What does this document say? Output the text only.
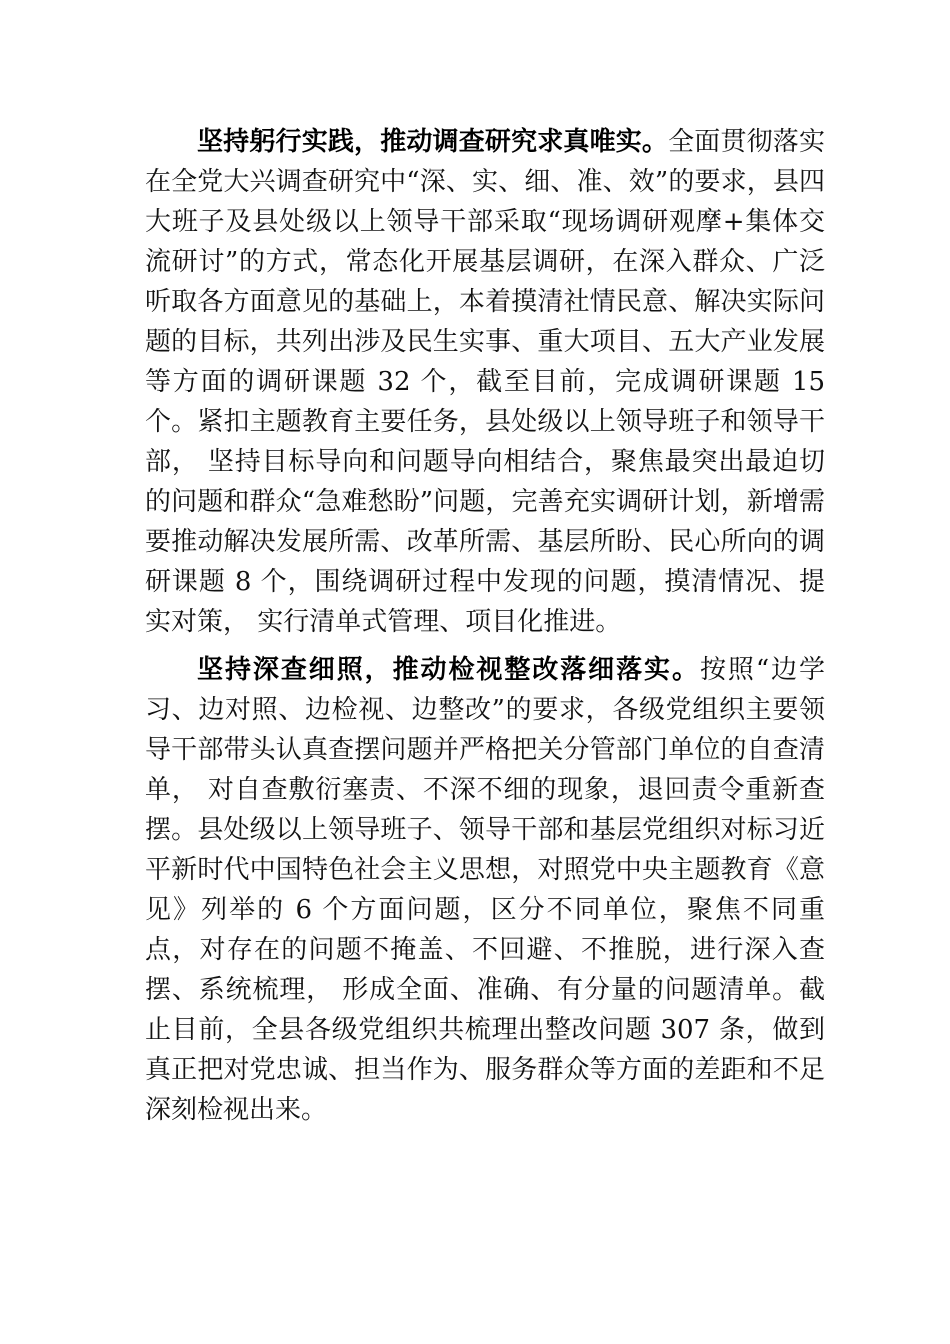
坚持躬行实践，推动调查研究求真唯实。全面贯彻落实在全党大兴调查研究中“深、实、细、准、效”的要求，县四大班子及县处级以上领导干部采取“现场调研观摩+集体交流研讨”的方式，常态化开展基层调研，在深入群众、广泛听取各方面意见的基础上，本着摸清社情民意、解决实际问题的目标，共列出涉及民生实事、重大项目、五大产业发展等方面的调研课题 32 个，截至目前，完成调研课题 15 个。紧扣主题教育主要任务，县处级以上领导班子和领导干部， 坚持目标导向和问题导向相结合，聚焦最突出最迫切的问题和群众“急难愁盼”问题，完善充实调研计划，新增需要推动解决发展所需、改革所需、基层所盼、民心所向的调研课题 8 个，围绕调研过程中发现的问题，摸清情况、提实对策， 实行清单式管理、项目化推进。

坚持深查细照，推动检视整改落细落实。按照“边学习、边对照、边检视、边整改”的要求，各级党组织主要领导干部带头认真查摆问题并严格把关分管部门单位的自查清单， 对自查敷衍塞责、不深不细的现象，退回责令重新查摆。县处级以上领导班子、领导干部和基层党组织对标习近平新时代中国特色社会主义思想，对照党中央主题教育《意见》列举的 6 个方面问题，区分不同单位，聚焦不同重点，对存在的问题不掩盖、不回避、不推脱，进行深入查摆、系统梳理， 形成全面、准确、有分量的问题清单。截止目前，全县各级党组织共梳理出整改问题 307 条，做到真正把对党忠诚、担当作为、服务群众等方面的差距和不足深刻检视出来。
